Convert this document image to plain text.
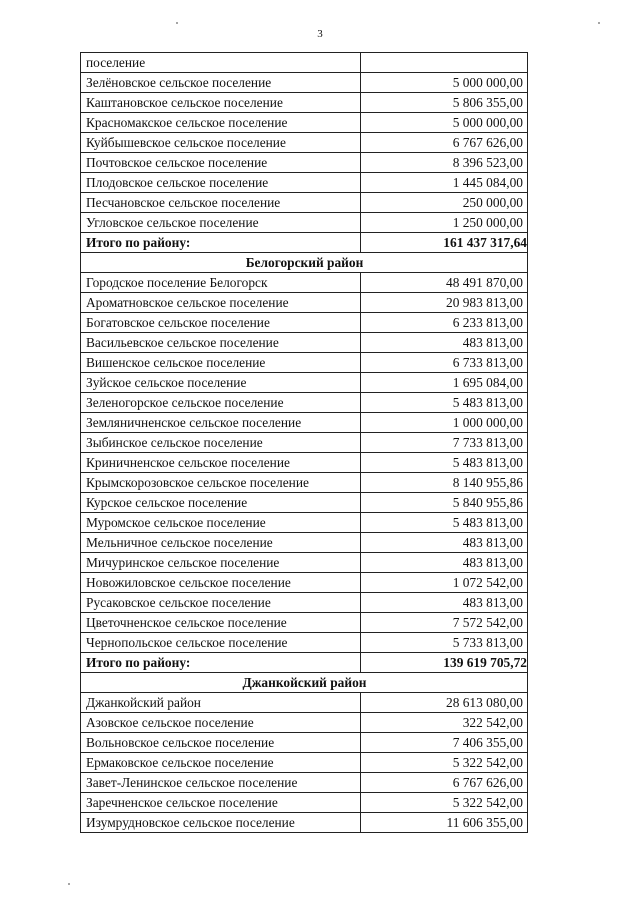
3
поселение	
Зелёновское сельское поселение	5 000 000,00
Каштановское сельское поселение	5 806 355,00
Красномакское сельское поселение	5 000 000,00
Куйбышевское сельское поселение	6 767 626,00
Почтовское сельское поселение	8 396 523,00
Плодовское сельское поселение	1 445 084,00
Песчановское сельское поселение	250 000,00
Угловское сельское поселение	1 250 000,00
Итого по району:	161 437 317,64
Белогорский район	
Городское поселение Белогорск	48 491 870,00
Ароматновское сельское поселение	20 983 813,00
Богатовское сельское поселение	6 233 813,00
Васильевское сельское поселение	483 813,00
Вишенское сельское поселение	6 733 813,00
Зуйское сельское поселение	1 695 084,00
Зеленогорское сельское поселение	5 483 813,00
Земляничненское сельское поселение	1 000 000,00
Зыбинское сельское поселение	7 733 813,00
Криничненское сельское поселение	5 483 813,00
Крымскорозовское сельское поселение	8 140 955,86
Курское сельское поселение	5 840 955,86
Муромское сельское поселение	5 483 813,00
Мельничное сельское поселение	483 813,00
Мичуринское сельское поселение	483 813,00
Новожиловское сельское поселение	1 072 542,00
Русаковское сельское поселение	483 813,00
Цветочненское сельское поселение	7 572 542,00
Чернопольское сельское поселение	5 733 813,00
Итого по району:	139 619 705,72
Джанкойский район	
Джанкойский район	28 613 080,00
Азовское сельское поселение	322 542,00
Вольновское сельское поселение	7 406 355,00
Ермаковское сельское поселение	5 322 542,00
Завет-Ленинское сельское поселение	6 767 626,00
Заречненское сельское поселение	5 322 542,00
Изумрудновское сельское поселение	11 606 355,00
